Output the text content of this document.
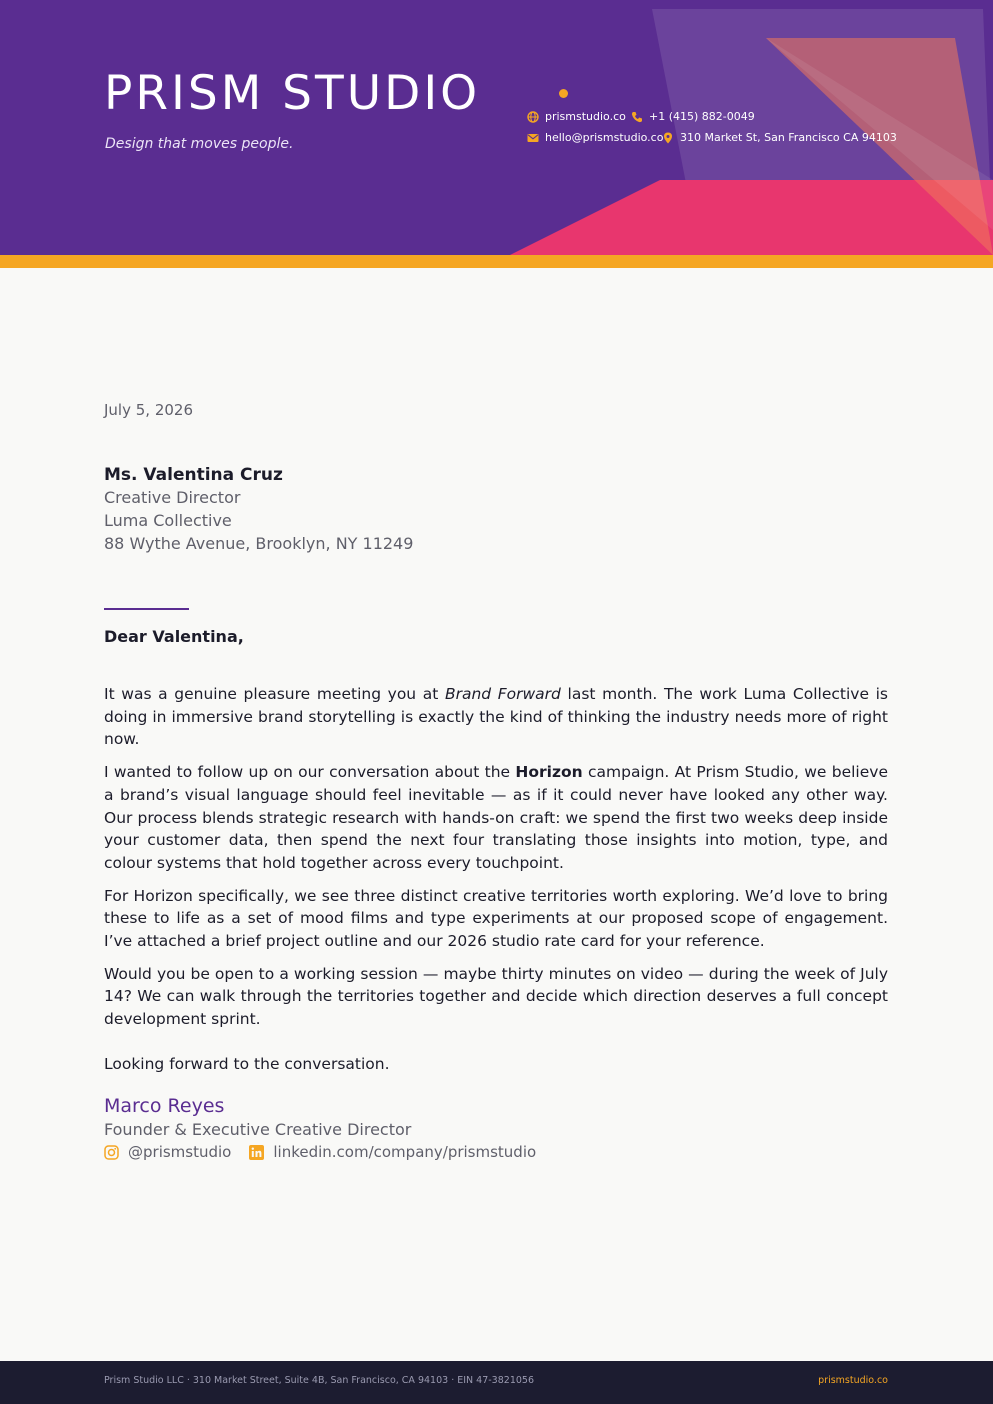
PRISM STUDIO
Design that moves people.
prismstudio.co +1 (415) 882-0049
hello@prismstudio.co 310 Market St, San Francisco CA 94103
July 5, 2026
Ms. Valentina Cruz
Creative Director
Luma Collective
88 Wythe Avenue, Brooklyn, NY 11249
Dear Valentina,

It was a genuine pleasure meeting you at Brand Forward last month. The work Luma Collective is doing in immersive brand storytelling is exactly the kind of thinking the industry needs more of right now.

I wanted to follow up on our conversation about the Horizon campaign. At Prism Studio, we believe a brand’s visual language should feel inevitable — as if it could never have looked any other way. Our process blends strategic research with hands-on craft: we spend the first two weeks deep inside your customer data, then spend the next four translating those insights into motion, type, and colour systems that hold together across every touchpoint.

For Horizon specifically, we see three distinct creative territories worth exploring. We’d love to bring these to life as a set of mood films and type experiments at our proposed scope of engagement. I’ve attached a brief project outline and our 2026 studio rate card for your reference.

Would you be open to a working session — maybe thirty minutes on video — during the week of July 14? We can walk through the territories together and decide which direction deserves a full concept development sprint.

Looking forward to the conversation.

Marco Reyes
Founder & Executive Creative Director
@prismstudio	linkedin.com/company/prismstudio
Prism Studio LLC · 310 Market Street, Suite 4B, San Francisco, CA 94103 · EIN 47-3821056	prismstudio.co
